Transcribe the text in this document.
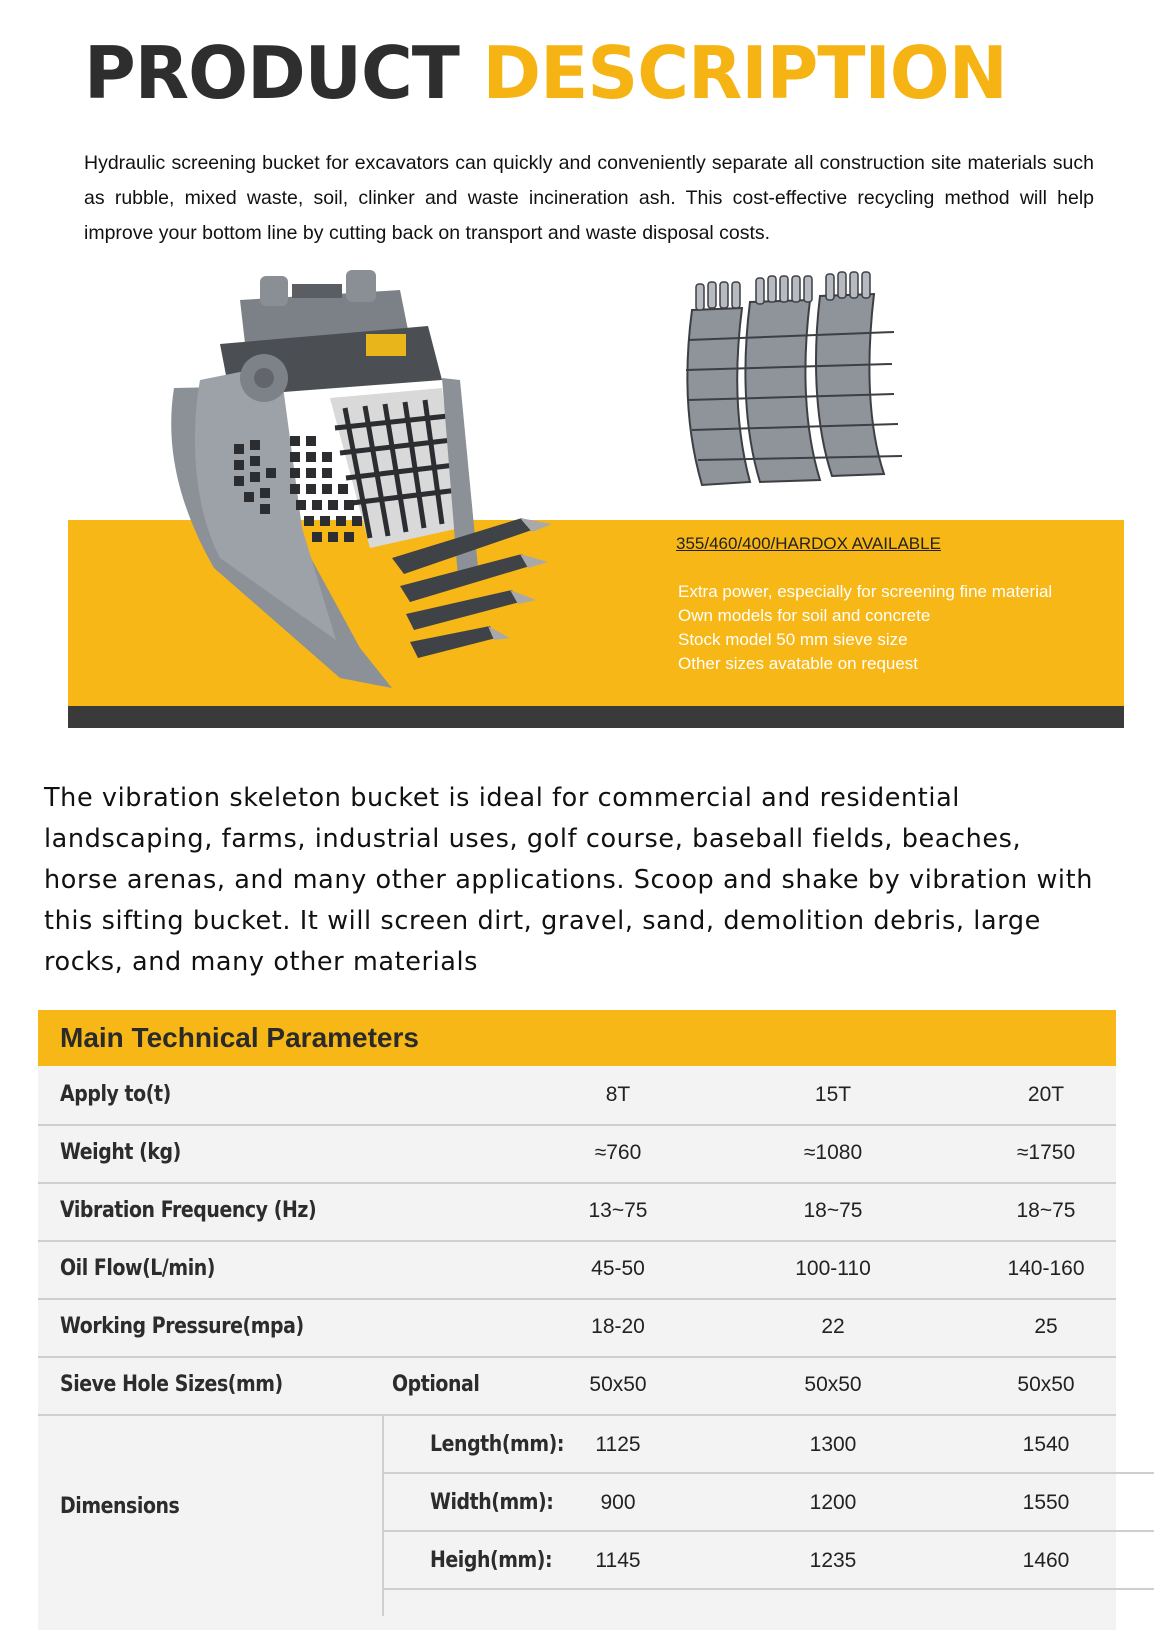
PRODUCT DESCRIPTION

Hydraulic screening bucket for excavators can quickly and conveniently separate all construction site materials such as rubble, mixed waste, soil, clinker and waste incineration ash. This cost-effective recycling method will help improve your bottom line by cutting back on transport and waste disposal costs.

355/460/400/HARDOX AVAILABLE

Extra power, especially for screening fine material
Own models for soil and concrete
Stock model 50 mm sieve size
Other sizes avatable on request

The vibration skeleton bucket is ideal for commercial and residential landscaping, farms, industrial uses, golf course, baseball fields, beaches, horse arenas, and many other applications. Scoop and shake by vibration with this sifting bucket. It will screen dirt, gravel, sand, demolition debris, large rocks, and many other materials

Main Technical Parameters
Apply to(t)	8T	15T	20T
Weight (kg)	≈760	≈1080	≈1750
Vibration Frequency (Hz)	13~75	18~75	18~75
Oil Flow(L/min)	45-50	100-110	140-160
Working Pressure(mpa)	18-20	22	25
Sieve Hole Sizes(mm)	Optional	50x50	50x50	50x50
Dimensions
Length(mm):	1125	1300	1540
Width(mm):	900	1200	1550
Heigh(mm):	1145	1235	1460
